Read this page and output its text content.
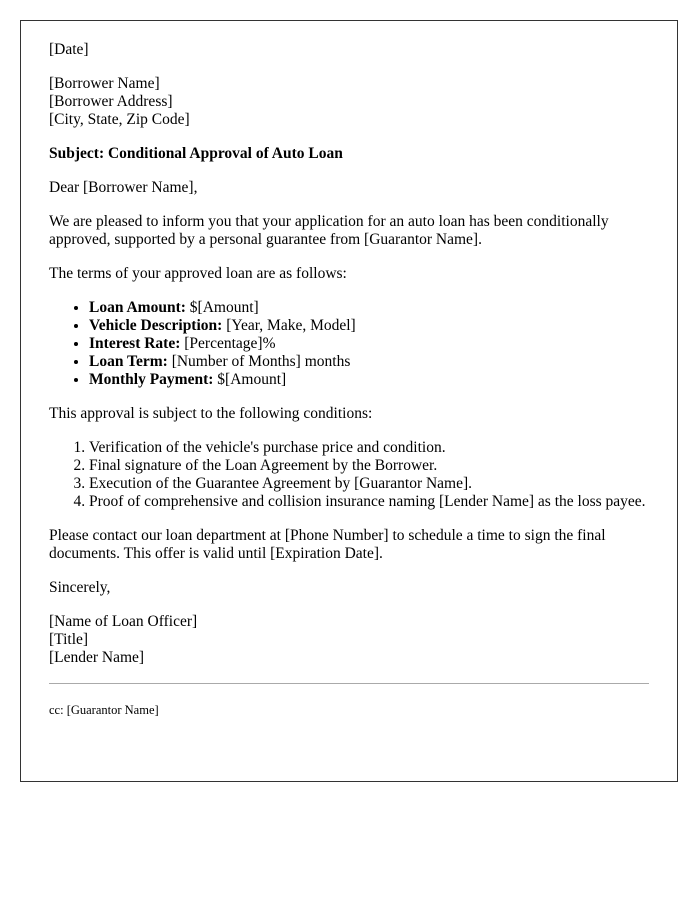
[Date]
[Borrower Name]
[Borrower Address]
[City, State, Zip Code]
Subject: Conditional Approval of Auto Loan
Dear [Borrower Name],
We are pleased to inform you that your application for an auto loan has been conditionally approved, supported by a personal guarantee from [Guarantor Name].
The terms of your approved loan are as follows:
• Loan Amount: $[Amount]
• Vehicle Description: [Year, Make, Model]
• Interest Rate: [Percentage]%
• Loan Term: [Number of Months] months
• Monthly Payment: $[Amount]
This approval is subject to the following conditions:
1. Verification of the vehicle's purchase price and condition.
2. Final signature of the Loan Agreement by the Borrower.
3. Execution of the Guarantee Agreement by [Guarantor Name].
4. Proof of comprehensive and collision insurance naming [Lender Name] as the loss payee.
Please contact our loan department at [Phone Number] to schedule a time to sign the final documents. This offer is valid until [Expiration Date].
Sincerely,
[Name of Loan Officer]
[Title]
[Lender Name]
cc: [Guarantor Name]
